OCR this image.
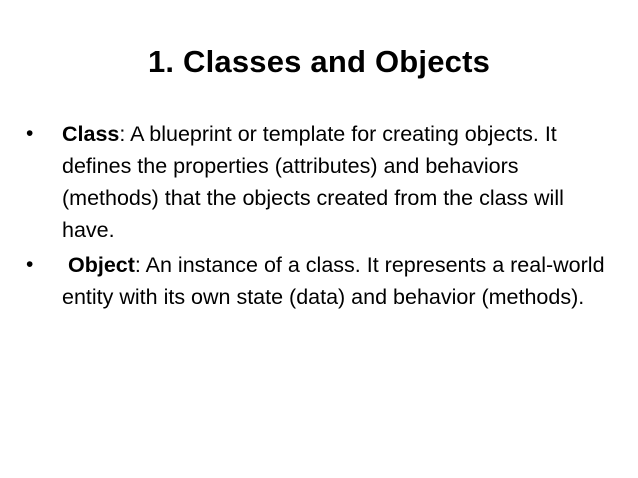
1. Classes and Objects
• Class: A blueprint or template for creating objects. It defines the properties (attributes) and behaviors (methods) that the objects created from the class will have.
• Object: An instance of a class. It represents a real-world entity with its own state (data) and behavior (methods).
